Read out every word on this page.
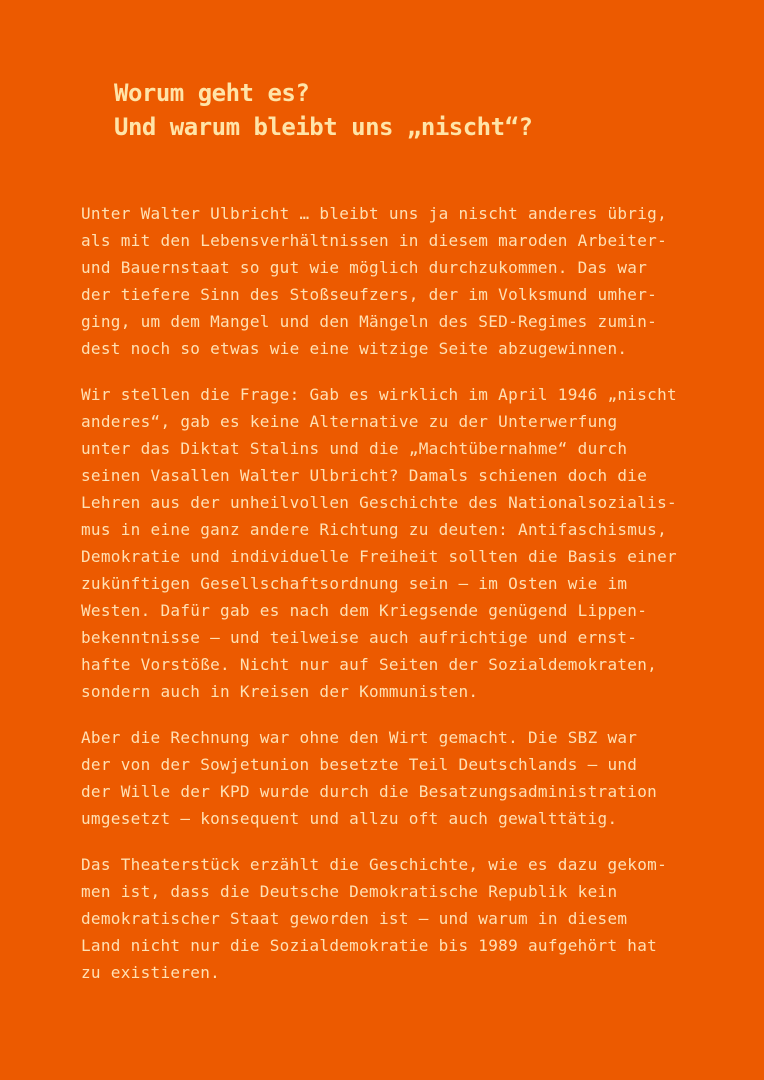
Worum geht es?
Und warum bleibt uns „nischt“?

Unter Walter Ulbricht … bleibt uns ja nischt anderes übrig,
als mit den Lebensverhältnissen in diesem maroden Arbeiter-
und Bauernstaat so gut wie möglich durchzukommen. Das war
der tiefere Sinn des Stoßseufzers, der im Volksmund umher-
ging, um dem Mangel und den Mängeln des SED-Regimes zumin-
dest noch so etwas wie eine witzige Seite abzugewinnen.

Wir stellen die Frage: Gab es wirklich im April 1946 „nischt
anderes“, gab es keine Alternative zu der Unterwerfung
unter das Diktat Stalins und die „Machtübernahme“ durch
seinen Vasallen Walter Ulbricht? Damals schienen doch die
Lehren aus der unheilvollen Geschichte des Nationalsozialis-
mus in eine ganz andere Richtung zu deuten: Antifaschismus,
Demokratie und individuelle Freiheit sollten die Basis einer
zukünftigen Gesellschaftsordnung sein — im Osten wie im
Westen. Dafür gab es nach dem Kriegsende genügend Lippen-
bekenntnisse — und teilweise auch aufrichtige und ernst-
hafte Vorstöße. Nicht nur auf Seiten der Sozialdemokraten,
sondern auch in Kreisen der Kommunisten.

Aber die Rechnung war ohne den Wirt gemacht. Die SBZ war
der von der Sowjetunion besetzte Teil Deutschlands — und
der Wille der KPD wurde durch die Besatzungsadministration
umgesetzt — konsequent und allzu oft auch gewalttätig.

Das Theaterstück erzählt die Geschichte, wie es dazu gekom-
men ist, dass die Deutsche Demokratische Republik kein
demokratischer Staat geworden ist — und warum in diesem
Land nicht nur die Sozialdemokratie bis 1989 aufgehört hat
zu existieren.
